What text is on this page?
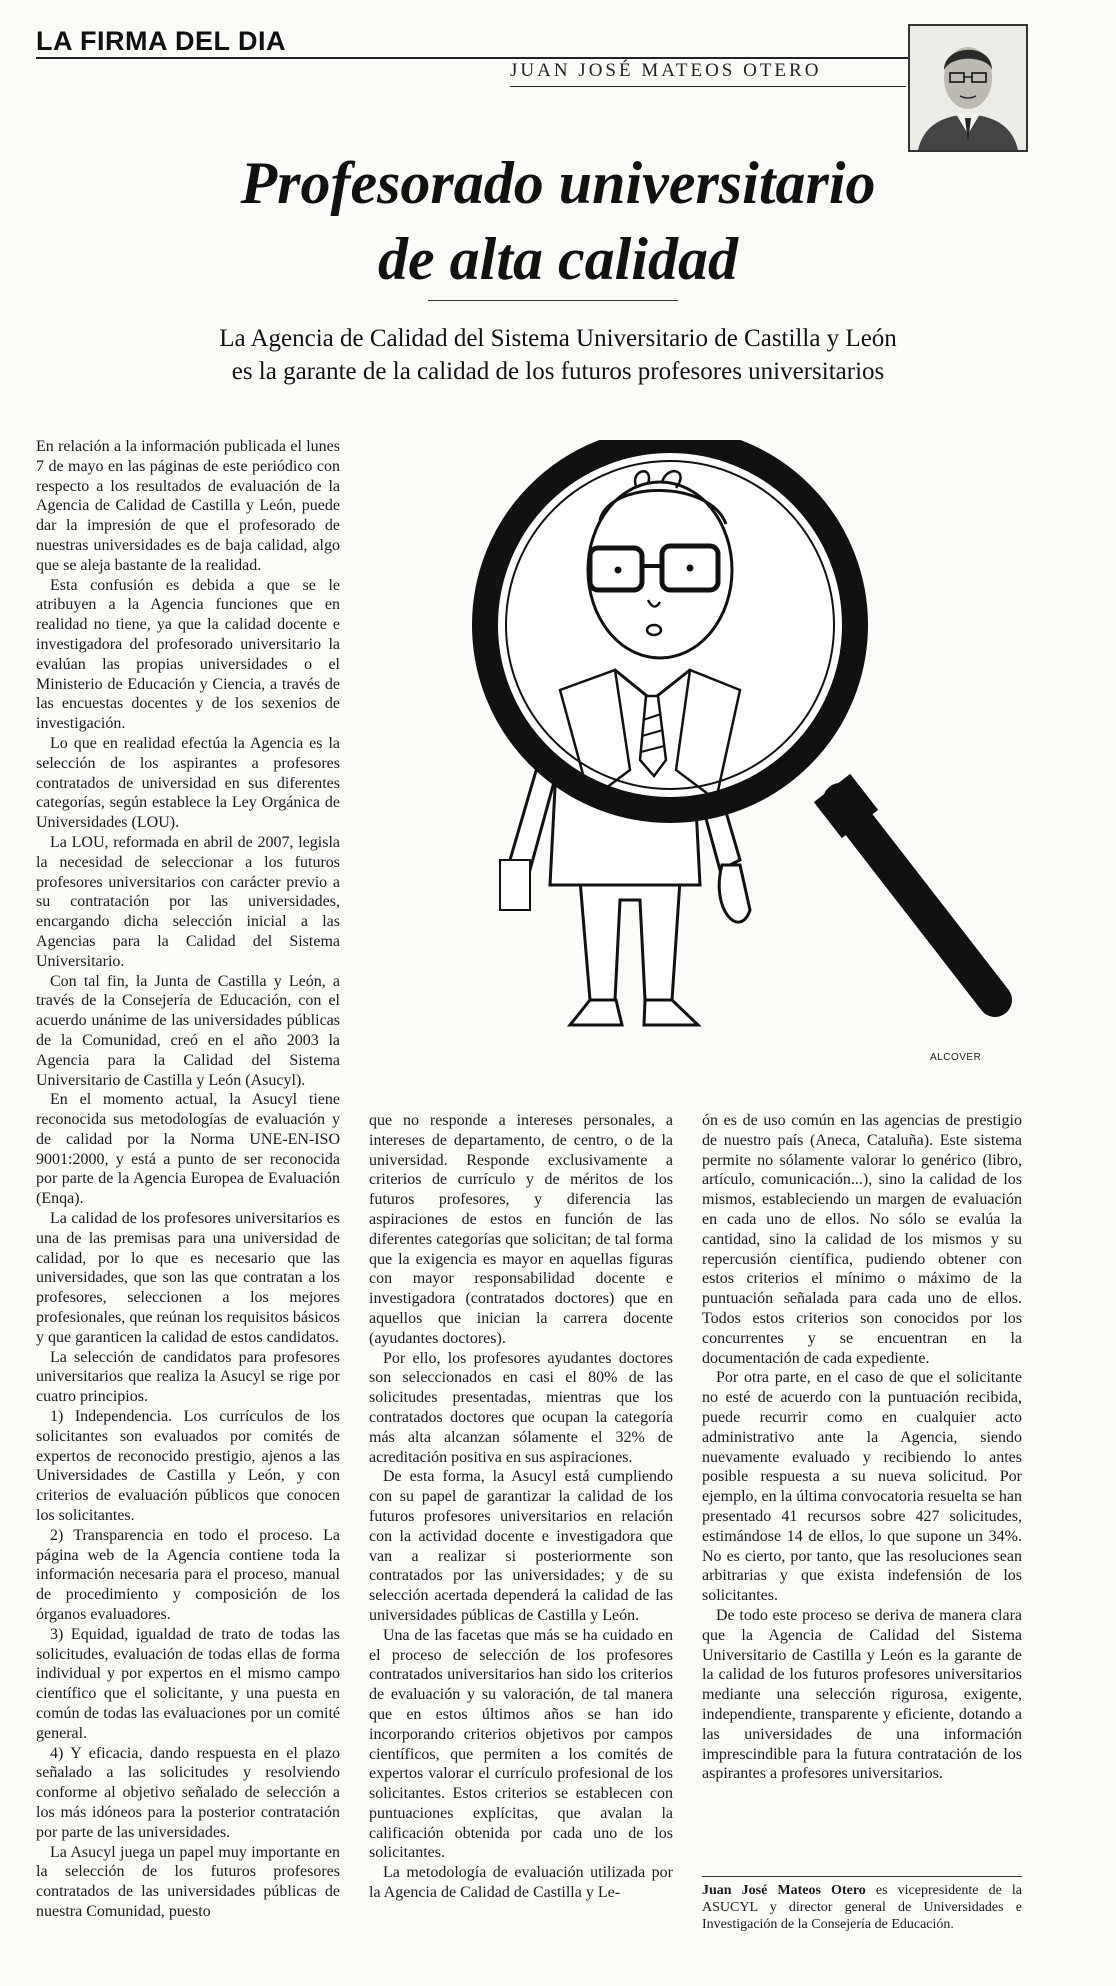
LA FIRMA DEL DIA
JUAN JOSÉ MATEOS OTERO
Profesorado universitario
de alta calidad
La Agencia de Calidad del Sistema Universitario de Castilla y León
es la garante de la calidad de los futuros profesores universitarios
ALCOVER

En relación a la información publicada el lunes 7 de mayo en las páginas de este periódico con respecto a los resultados de evaluación de la Agencia de Calidad de Castilla y León, puede dar la impresión de que el profesorado de nuestras universidades es de baja calidad, algo que se aleja bastante de la realidad.

Esta confusión es debida a que se le atribuyen a la Agencia funciones que en realidad no tiene, ya que la calidad docente e investigadora del profesorado universitario la evalúan las propias universidades o el Ministerio de Educación y Ciencia, a través de las encuestas docentes y de los sexenios de investigación.

Lo que en realidad efectúa la Agencia es la selección de los aspirantes a profesores contratados de universidad en sus diferentes categorías, según establece la Ley Orgánica de Universidades (LOU).

La LOU, reformada en abril de 2007, legisla la necesidad de seleccionar a los futuros profesores universitarios con carácter previo a su contratación por las universidades, encargando dicha selección inicial a las Agencias para la Calidad del Sistema Universitario.

Con tal fin, la Junta de Castilla y León, a través de la Consejería de Educación, con el acuerdo unánime de las universidades públicas de la Comunidad, creó en el año 2003 la Agencia para la Calidad del Sistema Universitario de Castilla y León (Asucyl).

En el momento actual, la Asucyl tiene reconocida sus metodologías de evaluación y de calidad por la Norma UNE-EN-ISO 9001:2000, y está a punto de ser reconocida por parte de la Agencia Europea de Evaluación (Enqa).

La calidad de los profesores universitarios es una de las premisas para una universidad de calidad, por lo que es necesario que las universidades, que son las que contratan a los profesores, seleccionen a los mejores profesionales, que reúnan los requisitos básicos y que garanticen la calidad de estos candidatos.

La selección de candidatos para profesores universitarios que realiza la Asucyl se rige por cuatro principios.

1) Independencia. Los currículos de los solicitantes son evaluados por comités de expertos de reconocido prestigio, ajenos a las Universidades de Castilla y León, y con criterios de evaluación públicos que conocen los solicitantes.

2) Transparencia en todo el proceso. La página web de la Agencia contiene toda la información necesaria para el proceso, manual de procedimiento y composición de los órganos evaluadores.

3) Equidad, igualdad de trato de todas las solicitudes, evaluación de todas ellas de forma individual y por expertos en el mismo campo científico que el solicitante, y una puesta en común de todas las evaluaciones por un comité general.

4) Y eficacia, dando respuesta en el plazo señalado a las solicitudes y resolviendo conforme al objetivo señalado de selección a los más idóneos para la posterior contratación por parte de las universidades.

La Asucyl juega un papel muy importante en la selección de los futuros profesores contratados de las universidades públicas de nuestra Comunidad, puesto

que no responde a intereses personales, a intereses de departamento, de centro, o de la universidad. Responde exclusivamente a criterios de currículo y de méritos de los futuros profesores, y diferencia las aspiraciones de estos en función de las diferentes categorías que solicitan; de tal forma que la exigencia es mayor en aquellas figuras con mayor responsabilidad docente e investigadora (contratados doctores) que en aquellos que inician la carrera docente (ayudantes doctores).

Por ello, los profesores ayudantes doctores son seleccionados en casi el 80% de las solicitudes presentadas, mientras que los contratados doctores que ocupan la categoría más alta alcanzan sólamente el 32% de acreditación positiva en sus aspiraciones.

De esta forma, la Asucyl está cumpliendo con su papel de garantizar la calidad de los futuros profesores universitarios en relación con la actividad docente e investigadora que van a realizar si posteriormente son contratados por las universidades; y de su selección acertada dependerá la calidad de las universidades públicas de Castilla y León.

Una de las facetas que más se ha cuidado en el proceso de selección de los profesores contratados universitarios han sido los criterios de evaluación y su valoración, de tal manera que en estos últimos años se han ido incorporando criterios objetivos por campos científicos, que permiten a los comités de expertos valorar el currículo profesional de los solicitantes. Estos criterios se establecen con puntuaciones explícitas, que avalan la calificación obtenida por cada uno de los solicitantes.

La metodología de evaluación utilizada por la Agencia de Calidad de Castilla y Le-

ón es de uso común en las agencias de prestigio de nuestro país (Aneca, Cataluña). Este sistema permite no sólamente valorar lo genérico (libro, artículo, comunicación...), sino la calidad de los mismos, estableciendo un margen de evaluación en cada uno de ellos. No sólo se evalúa la cantidad, sino la calidad de los mismos y su repercusión científica, pudiendo obtener con estos criterios el mínimo o máximo de la puntuación señalada para cada uno de ellos. Todos estos criterios son conocidos por los concurrentes y se encuentran en la documentación de cada expediente.

Por otra parte, en el caso de que el solicitante no esté de acuerdo con la puntuación recibida, puede recurrir como en cualquier acto administrativo ante la Agencia, siendo nuevamente evaluado y recibiendo lo antes posible respuesta a su nueva solicitud. Por ejemplo, en la última convocatoria resuelta se han presentado 41 recursos sobre 427 solicitudes, estimándose 14 de ellos, lo que supone un 34%. No es cierto, por tanto, que las resoluciones sean arbitrarias y que exista indefensión de los solicitantes.

De todo este proceso se deriva de manera clara que la Agencia de Calidad del Sistema Universitario de Castilla y León es la garante de la calidad de los futuros profesores universitarios mediante una selección rigurosa, exigente, independiente, transparente y eficiente, dotando a las universidades de una información imprescindible para la futura contratación de los aspirantes a profesores universitarios.

Juan José Mateos Otero es vicepresidente de la ASUCYL y director general de Universidades e Investigación de la Consejería de Educación.
